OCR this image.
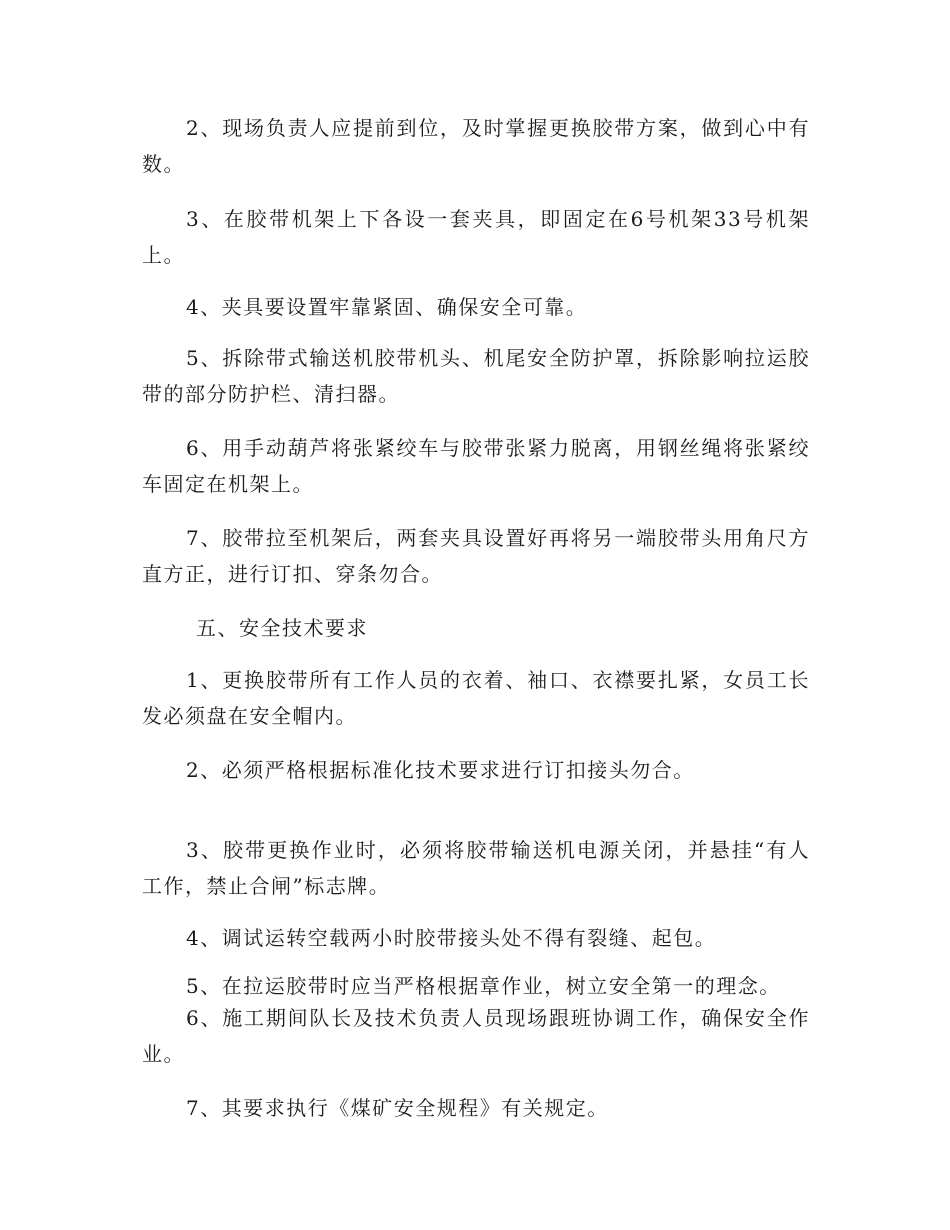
2、现场负责人应提前到位，及时掌握更换胶带方案，做到心中有数。

3、在胶带机架上下各设一套夹具，即固定在6号机架33号机架上。

4、夹具要设置牢靠紧固、确保安全可靠。

5、拆除带式输送机胶带机头、机尾安全防护罩，拆除影响拉运胶带的部分防护栏、清扫器。

6、用手动葫芦将张紧绞车与胶带张紧力脱离，用钢丝绳将张紧绞车固定在机架上。

7、胶带拉至机架后，两套夹具设置好再将另一端胶带头用角尺方直方正，进行订扣、穿条勿合。

五、安全技术要求

1、更换胶带所有工作人员的衣着、袖口、衣襟要扎紧，女员工长发必须盘在安全帽内。

2、必须严格根据标准化技术要求进行订扣接头勿合。

3、胶带更换作业时，必须将胶带输送机电源关闭，并悬挂“有人工作，禁止合闸”标志牌。

4、调试运转空载两小时胶带接头处不得有裂缝、起包。

5、在拉运胶带时应当严格根据章作业，树立安全第一的理念。

6、施工期间队长及技术负责人员现场跟班协调工作，确保安全作业。

7、其要求执行《煤矿安全规程》有关规定。
